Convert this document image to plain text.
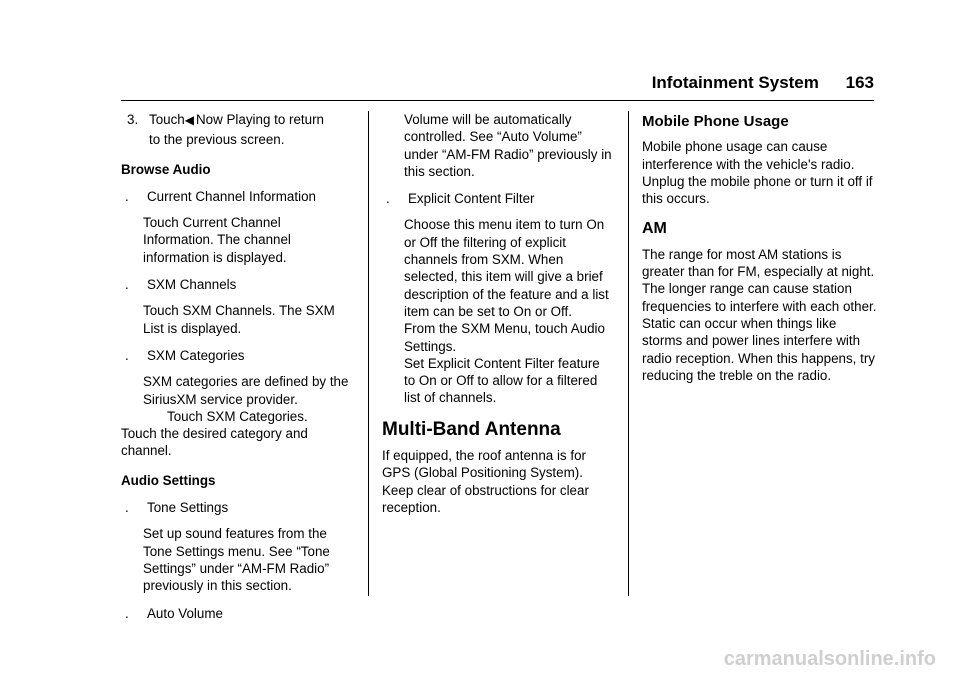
Infotainment System 163
3. Touch◀ Now Playing to return

to the previous screen.

Browse Audio

.	Current Channel Information

Touch Current Channel Information. The channel information is displayed.

.	SXM Channels

Touch SXM Channels. The SXM List is displayed.

.	SXM Categories

SXM categories are defined by the SiriusXM service provider.

Touch SXM Categories.

Touch the desired category and channel.

Audio Settings

.	Tone Settings

Set up sound features from the Tone Settings menu. See “Tone Settings” under “AM-FM Radio” previously in this section.

.	Auto Volume

Volume will be automatically controlled. See “Auto Volume” under “AM-FM Radio” previously in this section.

.	Explicit Content Filter

Choose this menu item to turn On or Off the filtering of explicit channels from SXM. When selected, this item will give a brief description of the feature and a list item can be set to On or Off.

From the SXM Menu, touch Audio Settings.

Set Explicit Content Filter feature to On or Off to allow for a filtered list of channels.

Multi-Band Antenna

If equipped, the roof antenna is for GPS (Global Positioning System). Keep clear of obstructions for clear reception.

Mobile Phone Usage

Mobile phone usage can cause interference with the vehicle's radio. Unplug the mobile phone or turn it off if this occurs.

AM

The range for most AM stations is greater than for FM, especially at night. The longer range can cause station frequencies to interfere with each other. Static can occur when things like storms and power lines interfere with radio reception. When this happens, try reducing the treble on the radio.

carmanualsonline.info
